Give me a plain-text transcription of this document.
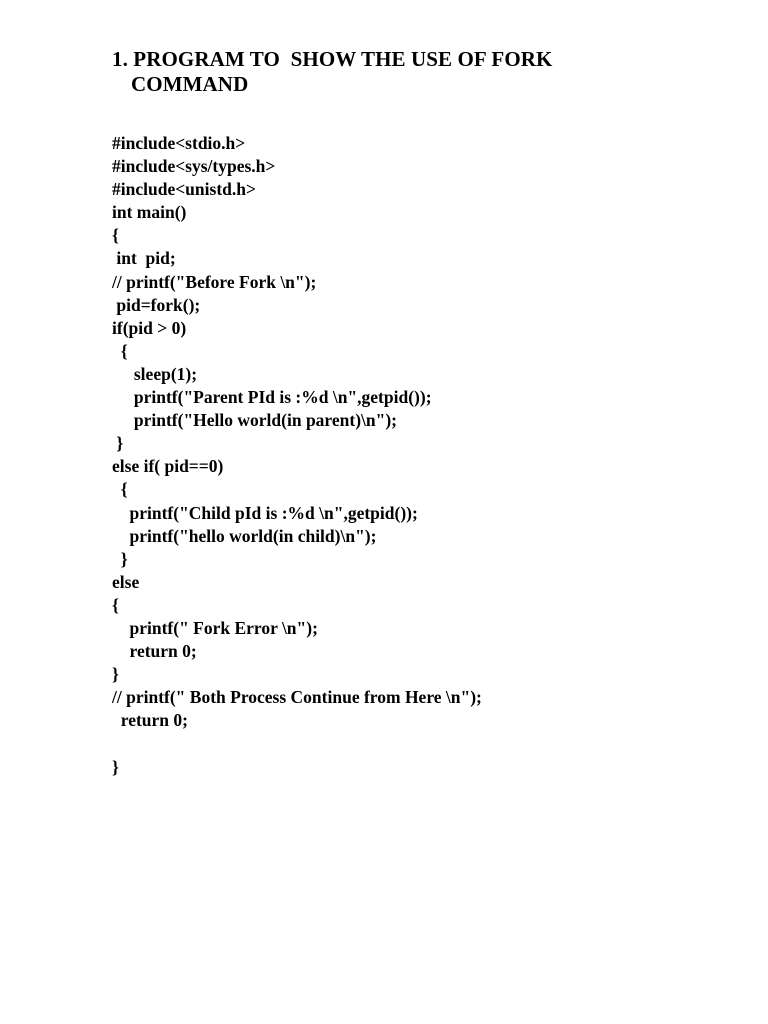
1. PROGRAM TO  SHOW THE USE OF FORK
COMMAND
#include<stdio.h>
#include<sys/types.h>
#include<unistd.h>
int main()
{
int  pid;
// printf("Before Fork \n");
pid=fork();
if(pid > 0)
{
sleep(1);
printf("Parent PId is :%d \n",getpid());
printf("Hello world(in parent)\n");
}
else if( pid==0)
{
printf("Child pId is :%d \n",getpid());
printf("hello world(in child)\n");
}
else
{
printf(" Fork Error \n");
return 0;
}
// printf(" Both Process Continue from Here \n");
return 0;
}
